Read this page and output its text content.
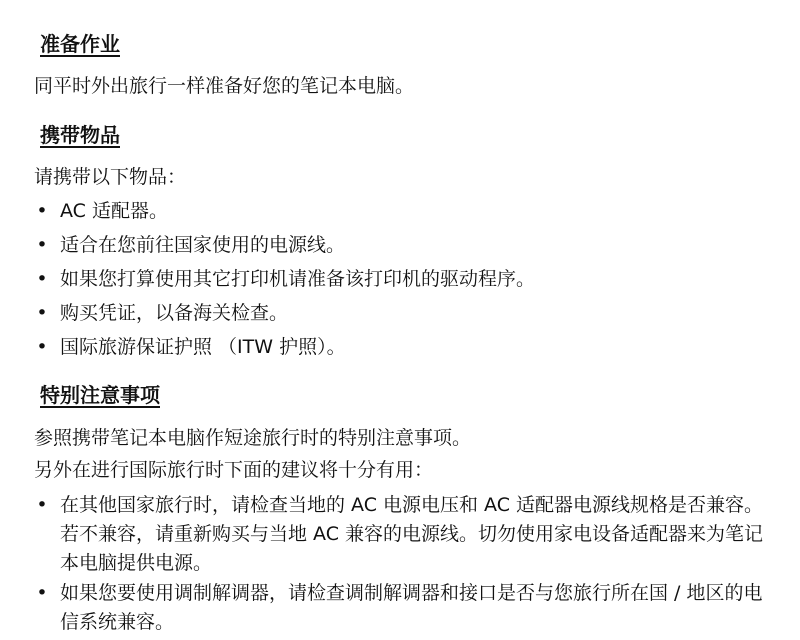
准备作业
同平时外出旅行一样准备好您的笔记本电脑。
携带物品
请携带以下物品：
• AC 适配器。
• 适合在您前往国家使用的电源线。
• 如果您打算使用其它打印机请准备该打印机的驱动程序。
• 购买凭证，以备海关检查。
• 国际旅游保证护照 （ITW 护照）。
特别注意事项
参照携带笔记本电脑作短途旅行时的特别注意事项。
另外在进行国际旅行时下面的建议将十分有用：
• 在其他国家旅行时，请检查当地的 AC 电源电压和 AC 适配器电源线规格是否兼容。若不兼容，请重新购买与当地 AC 兼容的电源线。切勿使用家电设备适配器来为笔记本电脑提供电源。
• 如果您要使用调制解调器，请检查调制解调器和接口是否与您旅行所在国 / 地区的电信系统兼容。
